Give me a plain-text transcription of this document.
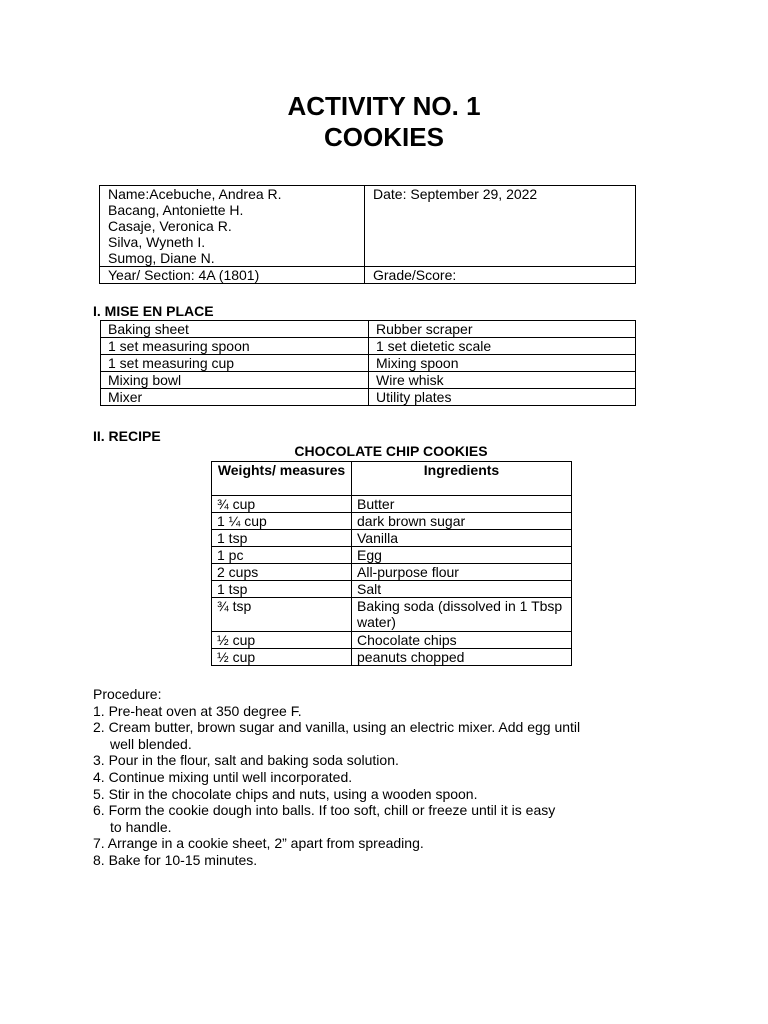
ACTIVITY NO. 1
COOKIES
Name:Acebuche, Andrea R.
Bacang, Antoniette H.
Casaje, Veronica R.
Silva, Wyneth I.
Sumog, Diane N.	Date: September 29, 2022
Year/ Section: 4A (1801)	Grade/Score:
I. MISE EN PLACE
Baking sheet	Rubber scraper
1 set measuring spoon	1 set dietetic scale
1 set measuring cup	Mixing spoon
Mixing bowl	Wire whisk
Mixer	Utility plates
II. RECIPE
CHOCOLATE CHIP COOKIES
Weights/ measures	Ingredients
¾ cup	Butter
1 ¼ cup	dark brown sugar
1 tsp	Vanilla
1 pc	Egg
2 cups	All-purpose flour
1 tsp	Salt
¾ tsp	Baking soda (dissolved in 1 Tbsp water)
½ cup	Chocolate chips
½ cup	peanuts chopped
Procedure:
1. Pre-heat oven at 350 degree F.
2. Cream butter, brown sugar and vanilla, using an electric mixer. Add egg until
well blended.
3. Pour in the flour, salt and baking soda solution.
4. Continue mixing until well incorporated.
5. Stir in the chocolate chips and nuts, using a wooden spoon.
6. Form the cookie dough into balls. If too soft, chill or freeze until it is easy
to handle.
7. Arrange in a cookie sheet, 2” apart from spreading.
8. Bake for 10-15 minutes.
